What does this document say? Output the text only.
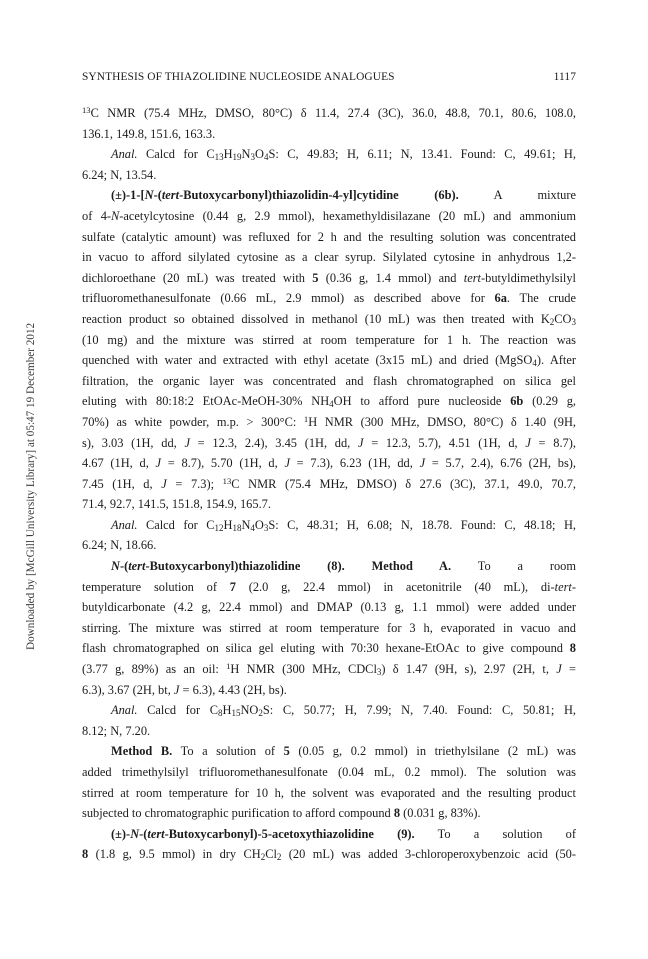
SYNTHESIS OF THIAZOLIDINE NUCLEOSIDE ANALOGUES	1117
Downloaded by [McGill University Library] at 05:47 19 December 2012
$^{13}$C NMR (75.4 MHz, DMSO, 80°C) δ 11.4, 27.4 (3C), 36.0, 48.8, 70.1, 80.6, 108.0,
136.1, 149.8, 151.6, 163.3.
Anal. Calcd for $C_{13}H_{19}N_3O_4S$: C, 49.83; H, 6.11; N, 13.41. Found: C, 49.61; H,
6.24; N, 13.54.
(±)-1-[N-(tert-Butoxycarbonyl)thiazolidin-4-yl]cytidine (6b). A mixture
of 4-N-acetylcytosine (0.44 g, 2.9 mmol), hexamethyldisilazane (20 mL) and ammonium
sulfate (catalytic amount) was refluxed for 2 h and the resulting solution was concentrated
in vacuo to afford silylated cytosine as a clear syrup. Silylated cytosine in anhydrous 1,2-
dichloroethane (20 mL) was treated with 5 (0.36 g, 1.4 mmol) and tert-butyldimethylsilyl
trifluoromethanesulfonate (0.66 mL, 2.9 mmol) as described above for 6a. The crude
reaction product so obtained dissolved in methanol (10 mL) was then treated with $K_2CO_3$
(10 mg) and the mixture was stirred at room temperature for 1 h. The reaction was
quenched with water and extracted with ethyl acetate (3x15 mL) and dried (MgSO$_4$). After
filtration, the organic layer was concentrated and flash chromatographed on silica gel
eluting with 80:18:2 EtOAc-MeOH-30% $NH_4OH$ to afford pure nucleoside 6b (0.29 g,
70%) as white powder, m.p. > 300°C: $^1$H NMR (300 MHz, DMSO, 80°C) δ 1.40 (9H,
s), 3.03 (1H, dd, J = 12.3, 2.4), 3.45 (1H, dd, J = 12.3, 5.7), 4.51 (1H, d, J = 8.7),
4.67 (1H, d, J = 8.7), 5.70 (1H, d, J = 7.3), 6.23 (1H, dd, J = 5.7, 2.4), 6.76 (2H, bs),
7.45 (1H, d, J = 7.3); $^{13}$C NMR (75.4 MHz, DMSO) δ 27.6 (3C), 37.1, 49.0, 70.7,
71.4, 92.7, 141.5, 151.8, 154.9, 165.7.
Anal. Calcd for $C_{12}H_{18}N_4O_3S$: C, 48.31; H, 6.08; N, 18.78. Found: C, 48.18; H,
6.24; N, 18.66.
N-(tert-Butoxycarbonyl)thiazolidine (8). Method A. To a room
temperature solution of 7 (2.0 g, 22.4 mmol) in acetonitrile (40 mL), di-tert-
butyldicarbonate (4.2 g, 22.4 mmol) and DMAP (0.13 g, 1.1 mmol) were added under
stirring. The mixture was stirred at room temperature for 3 h, evaporated in vacuo and
flash chromatographed on silica gel eluting with 70:30 hexane-EtOAc to give compound 8
(3.77 g, 89%) as an oil: $^1$H NMR (300 MHz, CDCl$_3$) δ 1.47 (9H, s), 2.97 (2H, t, J =
6.3), 3.67 (2H, bt, J = 6.3), 4.43 (2H, bs).
Anal. Calcd for $C_8H_{15}NO_2S$: C, 50.77; H, 7.99; N, 7.40. Found: C, 50.81; H,
8.12; N, 7.20.
Method B. To a solution of 5 (0.05 g, 0.2 mmol) in triethylsilane (2 mL) was
added trimethylsilyl trifluoromethanesulfonate (0.04 mL, 0.2 mmol). The solution was
stirred at room temperature for 10 h, the solvent was evaporated and the resulting product
subjected to chromatographic purification to afford compound 8 (0.031 g, 83%).
(±)-N-(tert-Butoxycarbonyl)-5-acetoxythiazolidine (9). To a solution of
8 (1.8 g, 9.5 mmol) in dry $CH_2Cl_2$ (20 mL) was added 3-chloroperoxybenzoic acid (50-
